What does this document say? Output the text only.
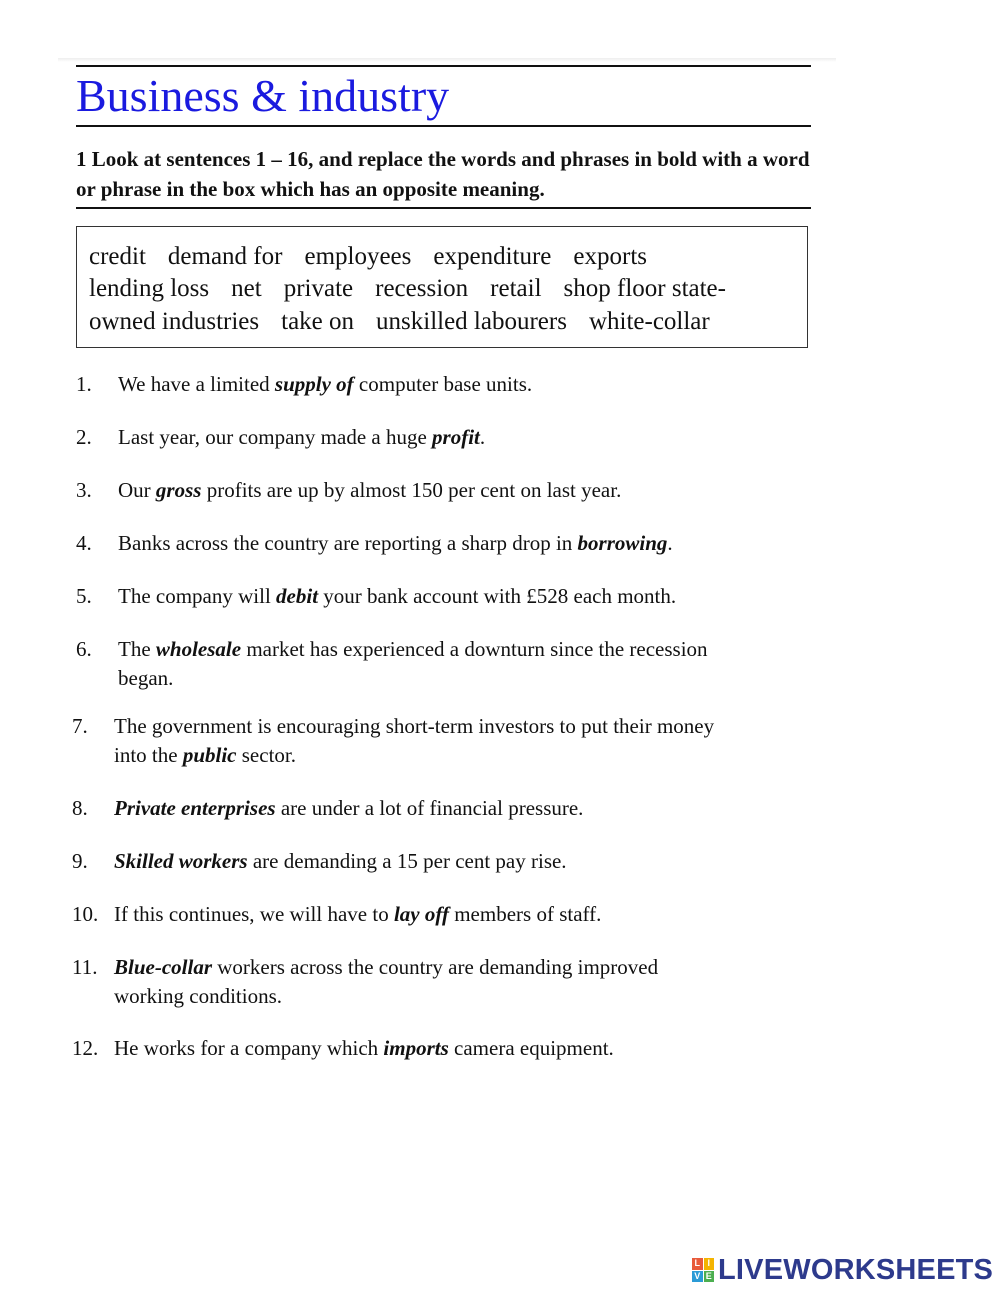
Business & industry
1 Look at sentences 1 – 16, and replace the words and phrases in bold with a word or phrase in the box which has an opposite meaning.
credit demand for employees expenditure exports
lending loss net private recession retail shop floor state-
owned industries take on unskilled labourers white-collar
1. We have a limited supply of computer base units.
2. Last year, our company made a huge profit.
3. Our gross profits are up by almost 150 per cent on last year.
4. Banks across the country are reporting a sharp drop in borrowing.
5. The company will debit your bank account with £528 each month.
6. The wholesale market has experienced a downturn since the recession
began.
7. The government is encouraging short-term investors to put their money
into the public sector.
8. Private enterprises are under a lot of financial pressure.
9. Skilled workers are demanding a 15 per cent pay rise.
10. If this continues, we will have to lay off members of staff.
11. Blue-collar workers across the country are demanding improved
working conditions.
12. He works for a company which imports camera equipment.
L I
V E LIVEWORKSHEETS
